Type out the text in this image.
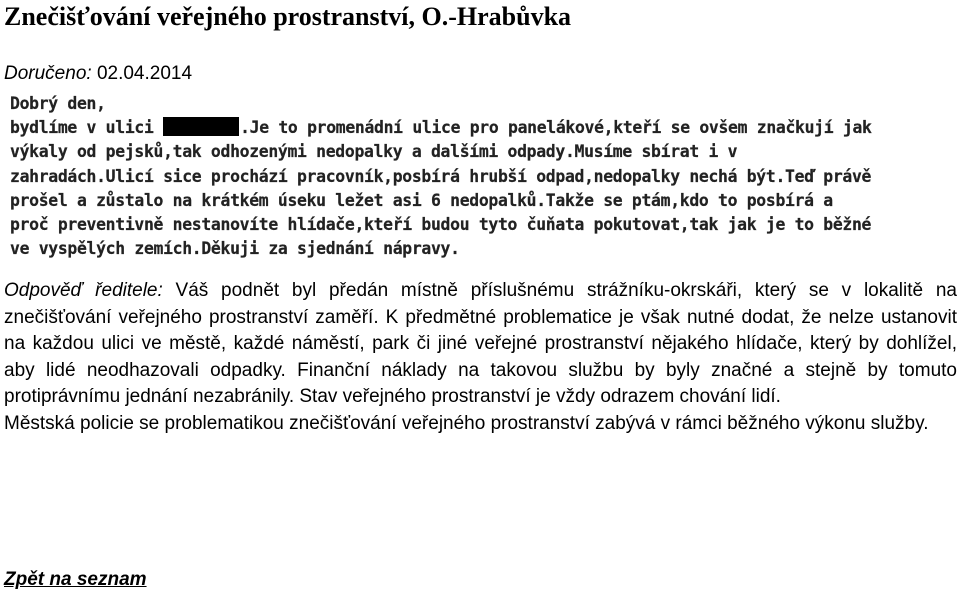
Znečišťování veřejného prostranství, O.-Hrabůvka
Doručeno: 02.04.2014
Dobrý den,
bydlíme v ulici	.Je to promenádní ulice pro panelákové,kteří se ovšem značkují jak
výkaly od pejsků,tak odhozenými nedopalky a dalšími odpady.Musíme sbírat i v
zahradách.Ulicí sice prochází pracovník,posbírá hrubší odpad,nedopalky nechá být.Teď právě
prošel a zůstalo na krátkém úseku ležet asi 6 nedopalků.Takže se ptám,kdo to posbírá a
proč preventivně nestanovíte hlídače,kteří budou tyto čuňata pokutovat,tak jak je to běžné
ve vyspělých zemích.Děkuji za sjednání nápravy.

Odpověď ředitele: Váš podnět byl předán místně příslušnému strážníku-okrskáři, který se v lokalitě na znečišťování veřejného prostranství zaměří. K předmětné problematice je však nutné dodat, že nelze ustanovit na každou ulici ve městě, každé náměstí, park či jiné veřejné prostranství nějakého hlídače, který by dohlížel, aby lidé neodhazovali odpadky. Finanční náklady na takovou službu by byly značné a stejně by tomuto protiprávnímu jednání nezabránily. Stav veřejného prostranství je vždy odrazem chování lidí.

Městská policie se problematikou znečišťování veřejného prostranství zabývá v rámci běžného výkonu služby.

Zpět na seznam
